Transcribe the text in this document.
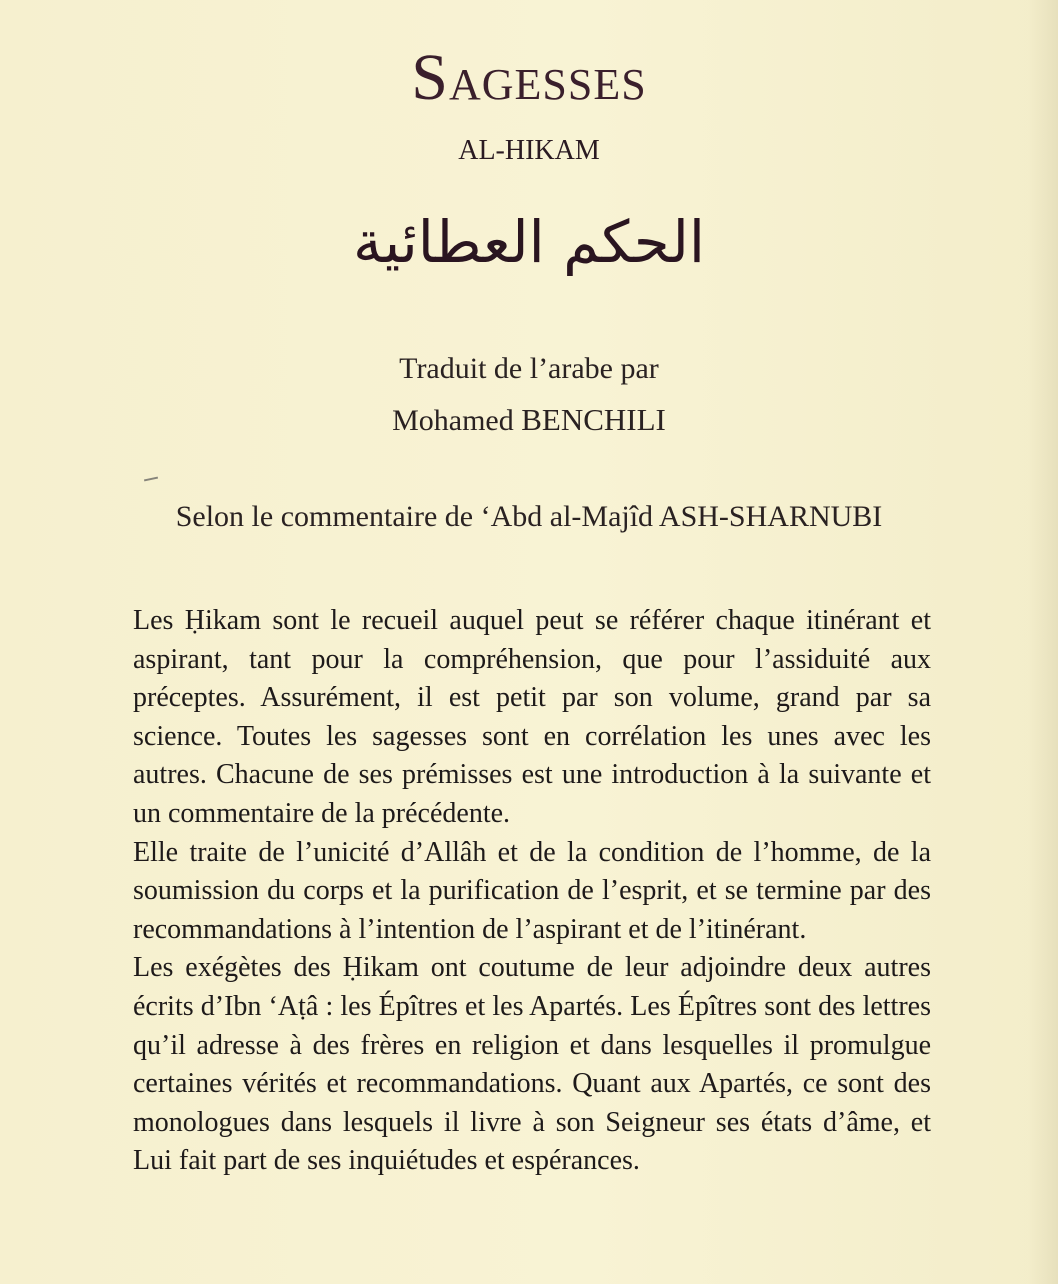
SAGESSES
AL-HIKAM
الحكم العطائية
Traduit de l’arabe par
Mohamed BENCHILI
Selon le commentaire de ‘Abd al-Majîd ASH-SHARNUBI

Les Ḥikam sont le recueil auquel peut se référer chaque itinérant et aspirant, tant pour la compréhension, que pour l’assiduité aux préceptes. Assurément, il est petit par son volume, grand par sa science. Toutes les sagesses sont en corrélation les unes avec les autres. Chacune de ses prémisses est une introduction à la suivante et un commentaire de la précédente.

Elle traite de l’unicité d’Allâh et de la condition de l’homme, de la soumission du corps et la purification de l’esprit, et se termine par des recommandations à l’intention de l’aspirant et de l’itinérant.

Les exégètes des Ḥikam ont coutume de leur adjoindre deux autres écrits d’Ibn ‘Aṭâ : les Épîtres et les Apartés. Les Épîtres sont des lettres qu’il adresse à des frères en religion et dans lesquelles il promulgue certaines vérités et recommandations. Quant aux Apartés, ce sont des monologues dans lesquels il livre à son Seigneur ses états d’âme, et Lui fait part de ses inquiétudes et espérances.
